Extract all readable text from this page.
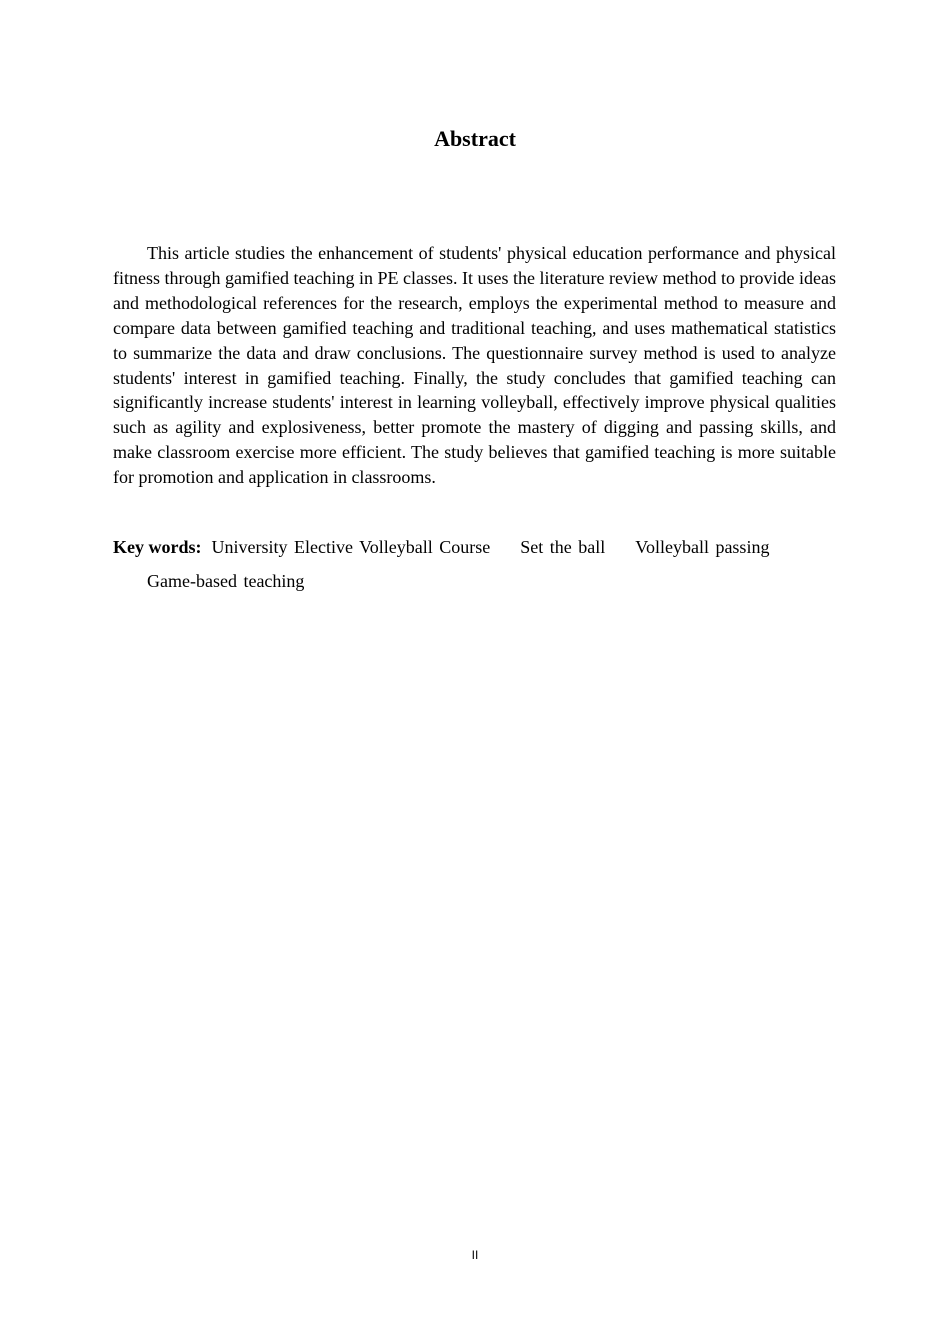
Abstract

This article studies the enhancement of students' physical education performance and physical fitness through gamified teaching in PE classes. It uses the literature review method to provide ideas and methodological references for the research, employs the experimental method to measure and compare data between gamified teaching and traditional teaching, and uses mathematical statistics to summarize the data and draw conclusions. The questionnaire survey method is used to analyze students' interest in gamified teaching. Finally, the study concludes that gamified teaching can significantly increase students' interest in learning volleyball, effectively improve physical qualities such as agility and explosiveness, better promote the mastery of digging and passing skills, and make classroom exercise more efficient. The study believes that gamified teaching is more suitable for promotion and application in classrooms.

Key words: University Elective Volleyball Course Set the ball Volleyball passing
Game-based teaching
II
